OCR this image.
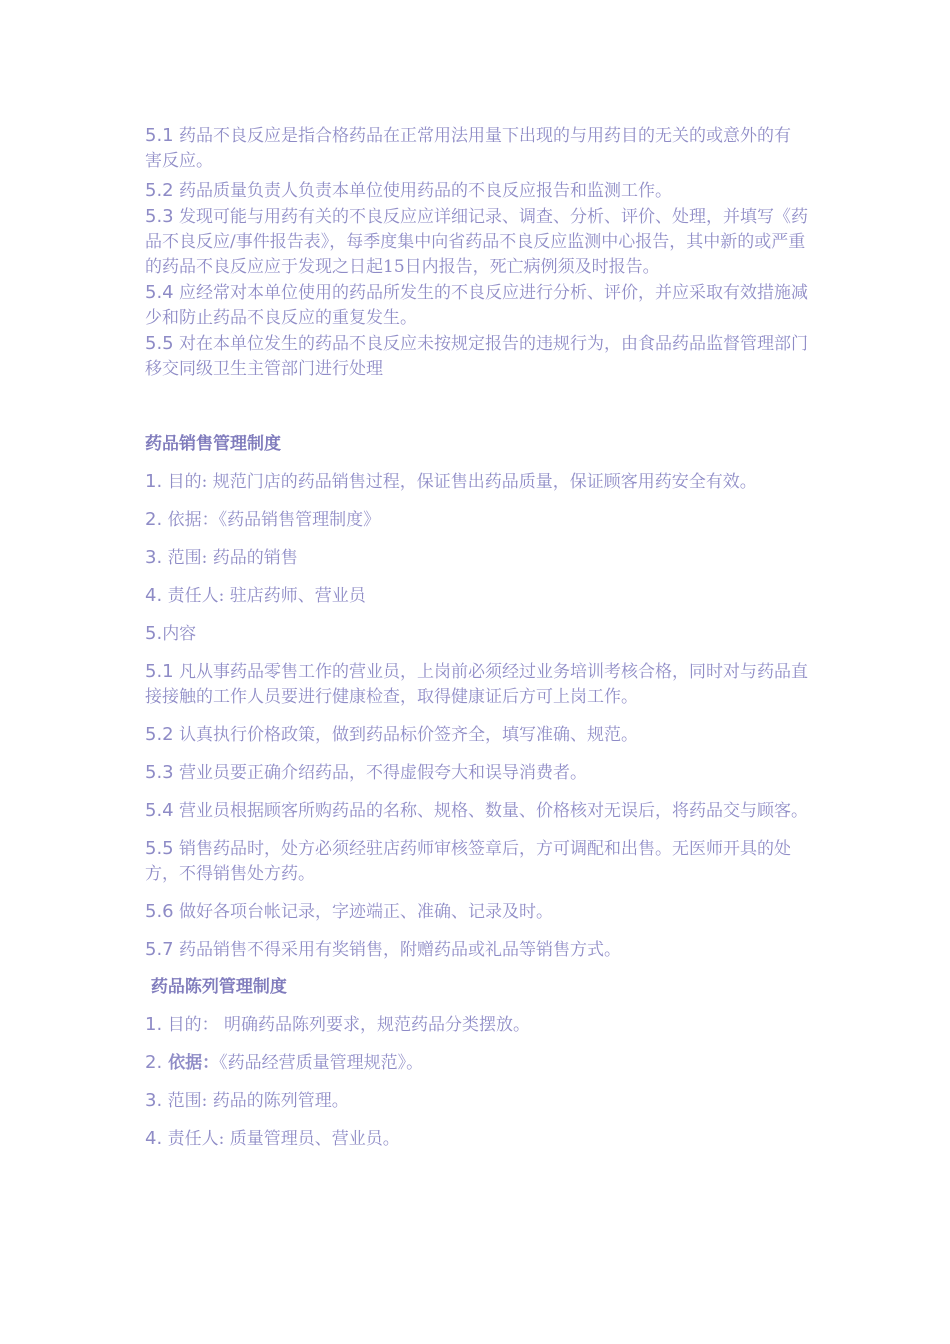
5.1 药品不良反应是指合格药品在正常用法用量下出现的与用药目的无关的或意外的有害反应。

5.2 药品质量负责人负责本单位使用药品的不良反应报告和监测工作。

5.3 发现可能与用药有关的不良反应应详细记录、调查、分析、评价、处理，并填写《药品不良反应/事件报告表》，每季度集中向省药品不良反应监测中心报告，其中新的或严重的药品不良反应应于发现之日起15日内报告，死亡病例须及时报告。

5.4 应经常对本单位使用的药品所发生的不良反应进行分析、评价，并应采取有效措施减少和防止药品不良反应的重复发生。

5.5 对在本单位发生的药品不良反应未按规定报告的违规行为，由食品药品监督管理部门移交同级卫生主管部门进行处理

药品销售管理制度

1. 目的: 规范门店的药品销售过程，保证售出药品质量，保证顾客用药安全有效。

2. 依据：《药品销售管理制度》

3. 范围: 药品的销售

4. 责任人: 驻店药师、营业员

5.内容

5.1 凡从事药品零售工作的营业员，上岗前必须经过业务培训考核合格，同时对与药品直接接触的工作人员要进行健康检查，取得健康证后方可上岗工作。

5.2 认真执行价格政策，做到药品标价签齐全，填写准确、规范。

5.3 营业员要正确介绍药品，不得虚假夸大和误导消费者。

5.4 营业员根据顾客所购药品的名称、规格、数量、价格核对无误后，将药品交与顾客。

5.5 销售药品时，处方必须经驻店药师审核签章后，方可调配和出售。无医师开具的处方，不得销售处方药。

5.6 做好各项台帐记录，字迹端正、准确、记录及时。

5.7 药品销售不得采用有奖销售，附赠药品或礼品等销售方式。

药品陈列管理制度

1. 目的： 明确药品陈列要求，规范药品分类摆放。

2. 依据：《药品经营质量管理规范》。

3. 范围: 药品的陈列管理。

4. 责任人: 质量管理员、营业员。
